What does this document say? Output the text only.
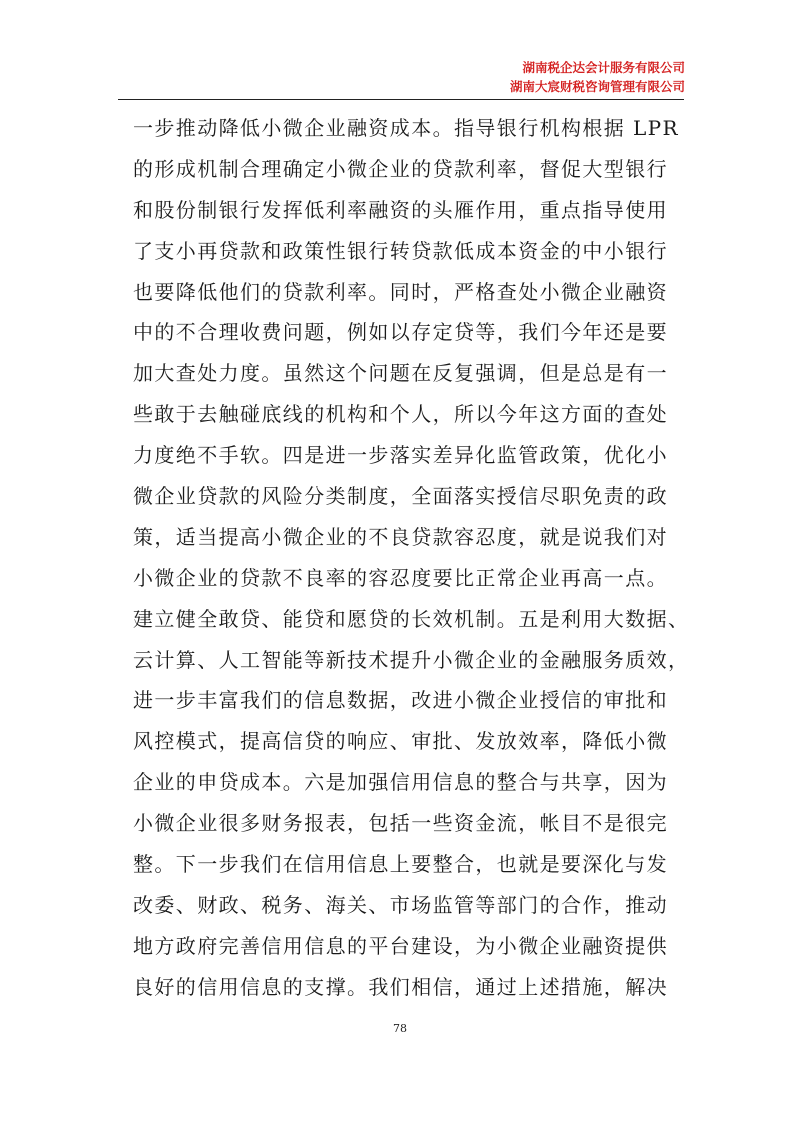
湖南税企达会计服务有限公司
湖南大宸财税咨询管理有限公司
一步推动降低小微企业融资成本。指导银行机构根据 LPR
的形成机制合理确定小微企业的贷款利率，督促大型银行
和股份制银行发挥低利率融资的头雁作用，重点指导使用
了支小再贷款和政策性银行转贷款低成本资金的中小银行
也要降低他们的贷款利率。同时，严格查处小微企业融资
中的不合理收费问题，例如以存定贷等，我们今年还是要
加大查处力度。虽然这个问题在反复强调，但是总是有一
些敢于去触碰底线的机构和个人，所以今年这方面的查处
力度绝不手软。四是进一步落实差异化监管政策，优化小
微企业贷款的风险分类制度，全面落实授信尽职免责的政
策，适当提高小微企业的不良贷款容忍度，就是说我们对
小微企业的贷款不良率的容忍度要比正常企业再高一点。
建立健全敢贷、能贷和愿贷的长效机制。五是利用大数据、
云计算、人工智能等新技术提升小微企业的金融服务质效，
进一步丰富我们的信息数据，改进小微企业授信的审批和
风控模式，提高信贷的响应、审批、发放效率，降低小微
企业的申贷成本。六是加强信用信息的整合与共享，因为
小微企业很多财务报表，包括一些资金流，帐目不是很完
整。下一步我们在信用信息上要整合，也就是要深化与发
改委、财政、税务、海关、市场监管等部门的合作，推动
地方政府完善信用信息的平台建设，为小微企业融资提供
良好的信用信息的支撑。我们相信，通过上述措施，解决
78
